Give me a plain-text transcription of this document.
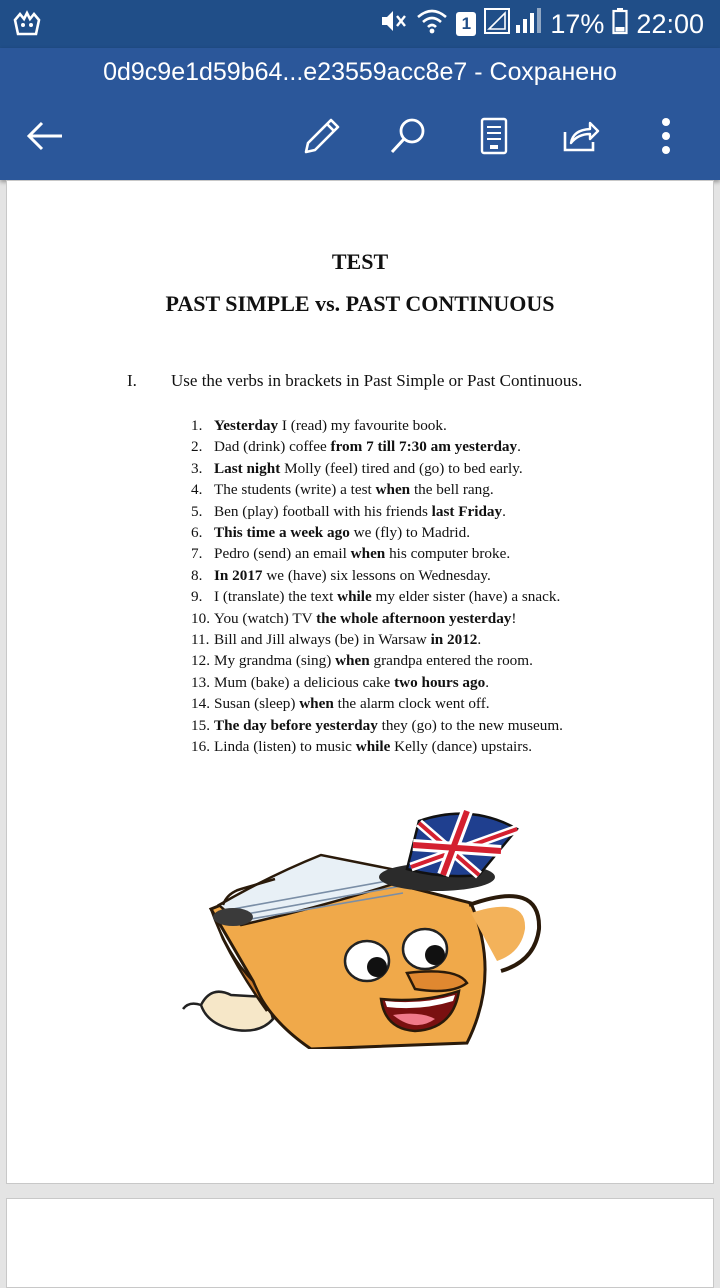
1	17% 22:00
0d9c9e1d59b64...e23559acc8e7 - Сохранено
TEST
PAST SIMPLE vs. PAST CONTINUOUS
I. Use the verbs in brackets in Past Simple or Past Continuous.
1. Yesterday I (read) my favourite book.
2. Dad (drink) coffee from 7 till 7:30 am yesterday.
3. Last night Molly (feel) tired and (go) to bed early.
4. The students (write) a test when the bell rang.
5. Ben (play) football with his friends last Friday.
6. This time a week ago we (fly) to Madrid.
7. Pedro (send) an email when his computer broke.
8. In 2017 we (have) six lessons on Wednesday.
9. I (translate) the text while my elder sister (have) a snack.
10. You (watch) TV the whole afternoon yesterday!
11. Bill and Jill always (be) in Warsaw in 2012.
12. My grandma (sing) when grandpa entered the room.
13. Mum (bake) a delicious cake two hours ago.
14. Susan (sleep) when the alarm clock went off.
15. The day before yesterday they (go) to the new museum.
16. Linda (listen) to music while Kelly (dance) upstairs.
